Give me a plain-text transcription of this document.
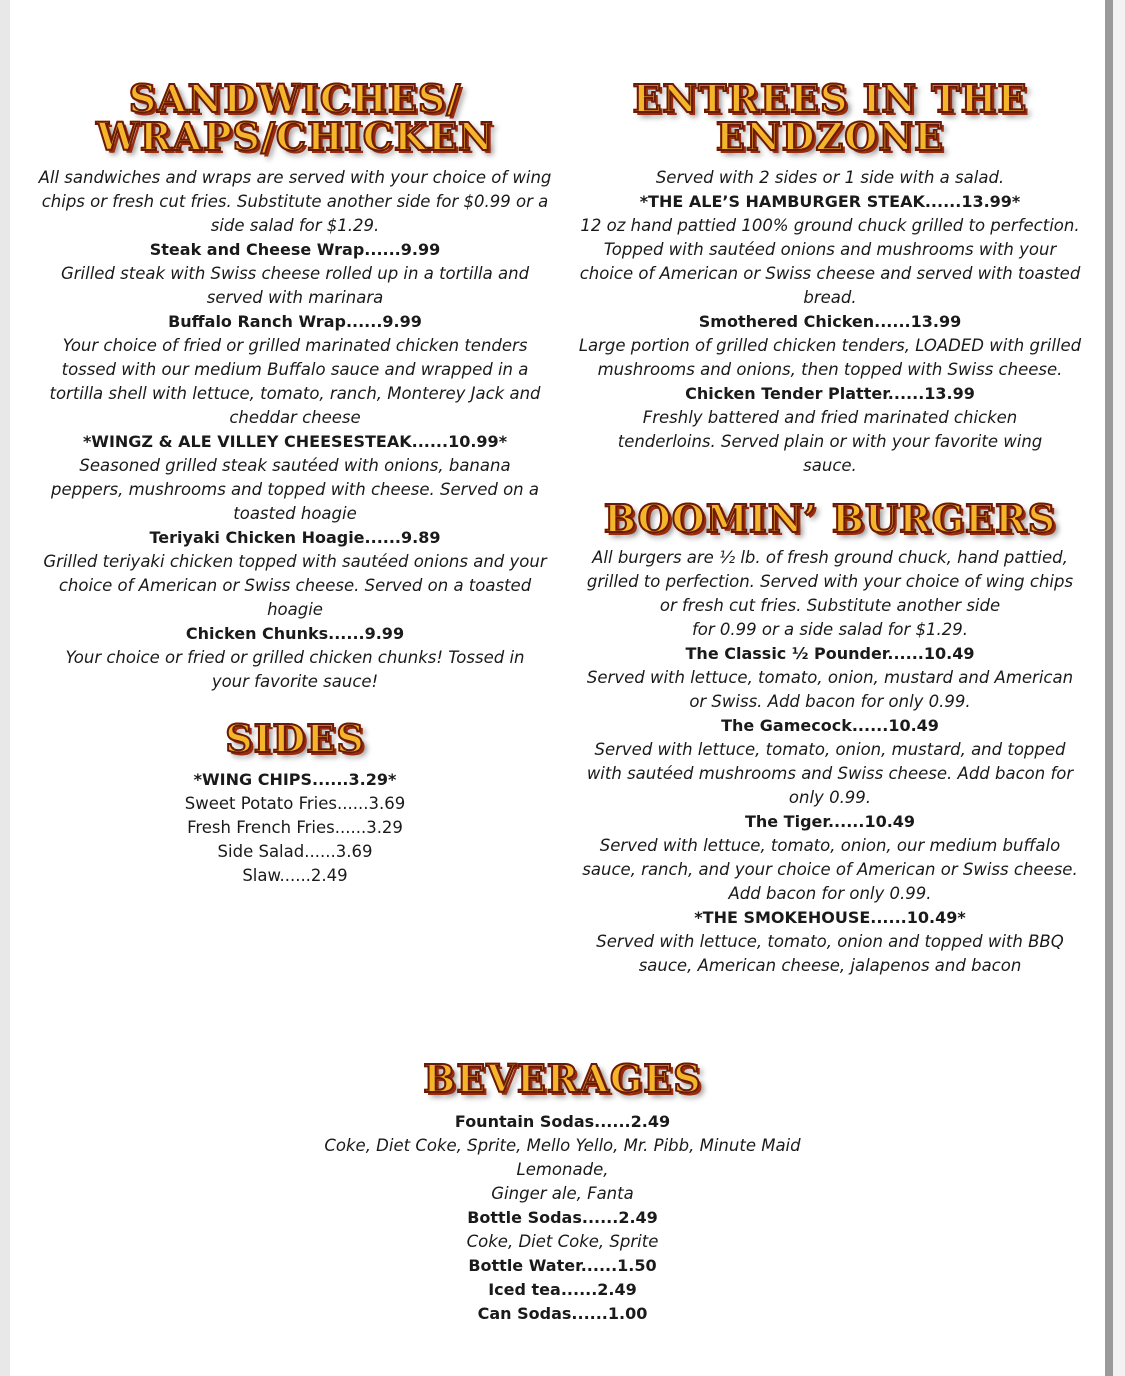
SANDWICHES/
WRAPS/CHICKEN
All sandwiches and wraps are served with your choice of wing chips or fresh cut fries. Substitute another side for $0.99 or a side salad for $1.29.
Steak and Cheese Wrap......9.99
Grilled steak with Swiss cheese rolled up in a tortilla and served with marinara
Buffalo Ranch Wrap......9.99
Your choice of fried or grilled marinated chicken tenders tossed with our medium Buffalo sauce and wrapped in a tortilla shell with lettuce, tomato, ranch, Monterey Jack and cheddar cheese
*WINGZ & ALE VILLEY CHEESESTEAK......10.99*
Seasoned grilled steak sautéed with onions, banana peppers, mushrooms and topped with cheese. Served on a toasted hoagie
Teriyaki Chicken Hoagie......9.89
Grilled teriyaki chicken topped with sautéed onions and your choice of American or Swiss cheese. Served on a toasted hoagie
Chicken Chunks......9.99
Your choice or fried or grilled chicken chunks! Tossed in your favorite sauce!
SIDES
*WING CHIPS......3.29*
Sweet Potato Fries......3.69
Fresh French Fries......3.29
Side Salad......3.69
Slaw......2.49
ENTREES IN THE
ENDZONE
Served with 2 sides or 1 side with a salad.
*THE ALE’S HAMBURGER STEAK......13.99*
12 oz hand pattied 100% ground chuck grilled to perfection. Topped with sautéed onions and mushrooms with your choice of American or Swiss cheese and served with toasted bread.
Smothered Chicken......13.99
Large portion of grilled chicken tenders, LOADED with grilled mushrooms and onions, then topped with Swiss cheese.
Chicken Tender Platter......13.99
Freshly battered and fried marinated chicken tenderloins. Served plain or with your favorite wing sauce.
BOOMIN’ BURGERS
All burgers are ½ lb. of fresh ground chuck, hand pattied, grilled to perfection. Served with your choice of wing chips or fresh cut fries. Substitute another side
for 0.99 or a side salad for $1.29.
The Classic ½ Pounder......10.49
Served with lettuce, tomato, onion, mustard and American or Swiss. Add bacon for only 0.99.
The Gamecock......10.49
Served with lettuce, tomato, onion, mustard, and topped with sautéed mushrooms and Swiss cheese. Add bacon for only 0.99.
The Tiger......10.49
Served with lettuce, tomato, onion, our medium buffalo sauce, ranch, and your choice of American or Swiss cheese. Add bacon for only 0.99.
*THE SMOKEHOUSE......10.49*
Served with lettuce, tomato, onion and topped with BBQ sauce, American cheese, jalapenos and bacon
BEVERAGES
Fountain Sodas......2.49
Coke, Diet Coke, Sprite, Mello Yello, Mr. Pibb, Minute Maid Lemonade,
Ginger ale, Fanta
Bottle Sodas......2.49
Coke, Diet Coke, Sprite
Bottle Water......1.50
Iced tea......2.49
Can Sodas......1.00
